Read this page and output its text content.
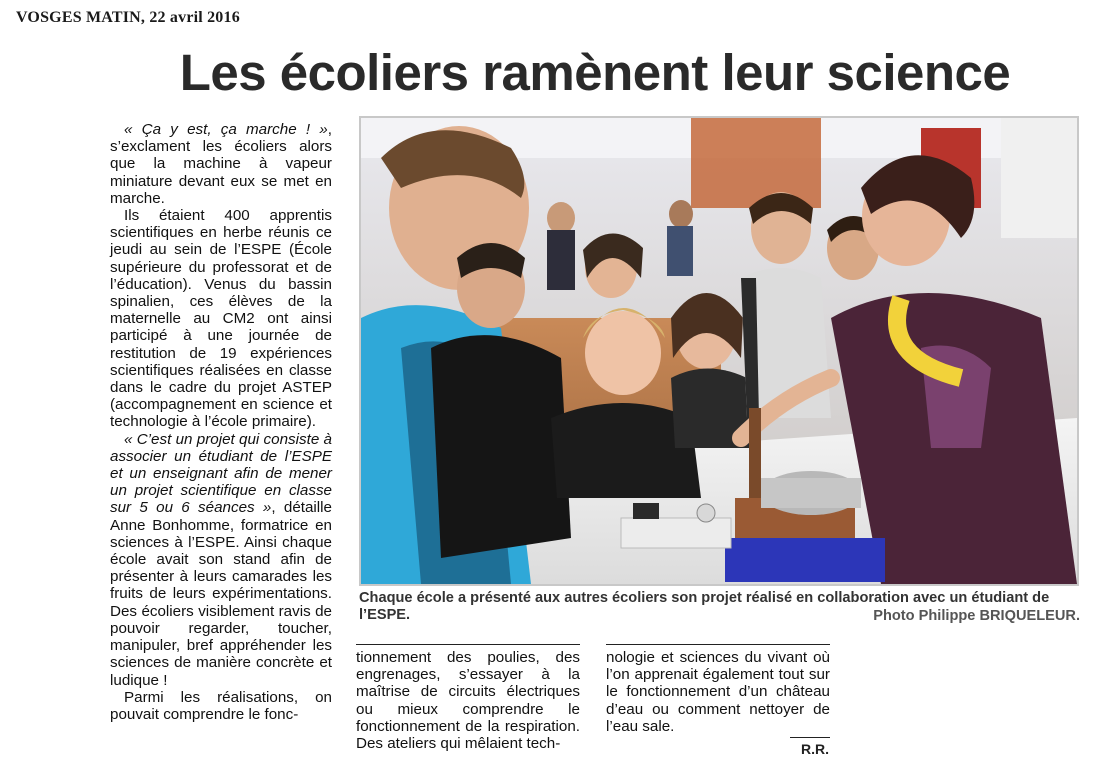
VOSGES MATIN, 22 avril 2016
Les écoliers ramènent leur science

« Ça y est, ça marche ! », s’exclament les écoliers alors que la machine à vapeur miniature devant eux se met en marche.

Ils étaient 400 apprentis scientifiques en herbe réunis ce jeudi au sein de l’ESPE (École supérieure du professorat et de l’éducation). Venus du bassin spinalien, ces élèves de la maternelle au CM2 ont ainsi participé à une journée de restitution de 19 expériences scientifiques réalisées en classe dans le cadre du projet ASTEP (accompagnement en science et technologie à l’école primaire).

« C’est un projet qui consiste à associer un étudiant de l’ESPE et un enseignant afin de mener un projet scientifique en classe sur 5 ou 6 séances », détaille Anne Bonhomme, formatrice en sciences à l’ESPE. Ainsi chaque école avait son stand afin de présenter à leurs camarades les fruits de leurs expérimentations. Des écoliers visiblement ravis de pouvoir regarder, toucher, manipuler, bref appréhender les sciences de manière concrète et ludique !

Parmi les réalisations, on pouvait comprendre le fonc-

Chaque école a présenté aux autres écoliers son projet réalisé en collaboration avec un étudiant de l’ESPE.	Photo Philippe BRIQUELEUR.

tionnement des poulies, des engrenages, s’essayer à la maîtrise de circuits électriques ou mieux comprendre le fonctionnement de la respiration. Des ateliers qui mêlaient tech-

nologie et sciences du vivant où l’on apprenait également tout sur le fonctionnement d’un château d’eau ou comment nettoyer de l’eau sale.

R.R.
